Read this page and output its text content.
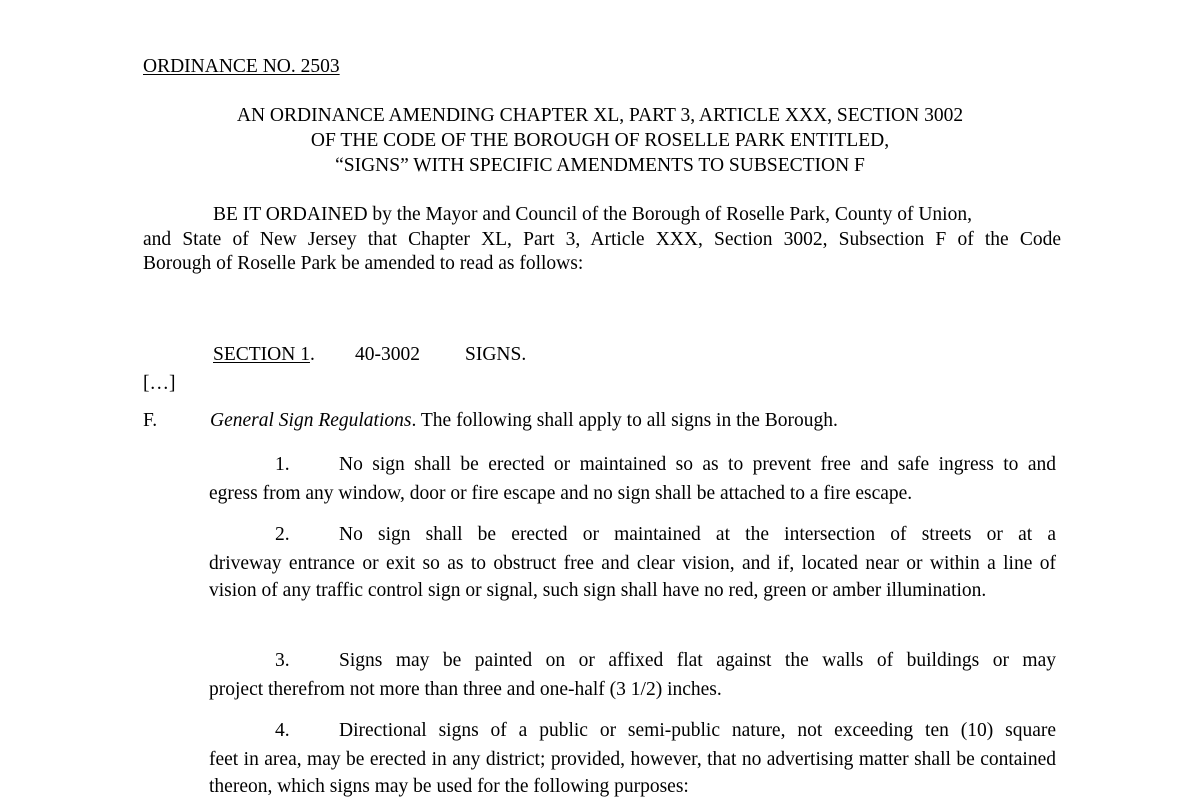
ORDINANCE NO. 2503
AN ORDINANCE AMENDING CHAPTER XL, PART 3, ARTICLE XXX, SECTION 3002
OF THE CODE OF THE BOROUGH OF ROSELLE PARK ENTITLED,
“SIGNS” WITH SPECIFIC AMENDMENTS TO SUBSECTION F
BE IT ORDAINED by the Mayor and Council of the Borough of Roselle Park, County of Union,
and State of New Jersey that Chapter XL, Part 3, Article XXX, Section 3002, Subsection F of the Code
Borough of Roselle Park be amended to read as follows:
SECTION 1. 40-3002 SIGNS.
[…]
F.	General Sign Regulations. The following shall apply to all signs in the Borough.
1.	No sign shall be erected or maintained so as to prevent free and safe ingress to and
egress from any window, door or fire escape and no sign shall be attached to a fire escape.
2.	No sign shall be erected or maintained at the intersection of streets or at a
driveway entrance or exit so as to obstruct free and clear vision, and if, located near or within a line of vision of any traffic control sign or signal, such sign shall have no red, green or amber illumination.
3.	Signs may be painted on or affixed flat against the walls of buildings or may
project therefrom not more than three and one-half (3 1/2) inches.
4.	Directional signs of a public or semi-public nature, not exceeding ten (10) square
feet in area, may be erected in any district; provided, however, that no advertising matter shall be contained thereon, which signs may be used for the following purposes:
